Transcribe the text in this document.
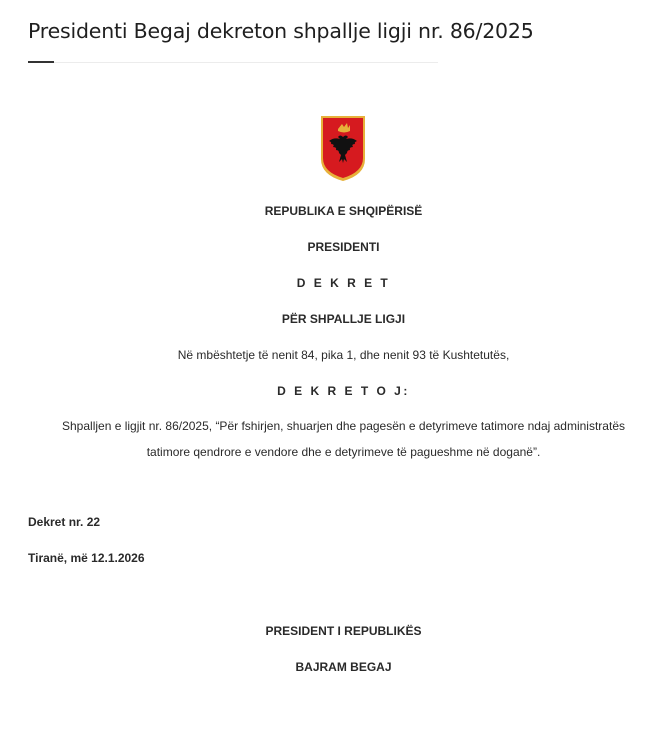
Presidenti Begaj dekreton shpallje ligji nr. 86/2025
REPUBLIKA E SHQIPËRISË
PRESIDENTI
D E K R E T
PËR SHPALLJE LIGJI
Në mbështetje të nenit 84, pika 1, dhe nenit 93 të Kushtetutës,
D E K R E T O J:
Shpalljen e ligjit nr. 86/2025, “Për fshirjen, shuarjen dhe pagesën e detyrimeve tatimore ndaj administratës
tatimore qendrore e vendore dhe e detyrimeve të pagueshme në doganë”.
Dekret nr. 22
Tiranë, më 12.1.2026
PRESIDENT I REPUBLIKËS
BAJRAM BEGAJ
